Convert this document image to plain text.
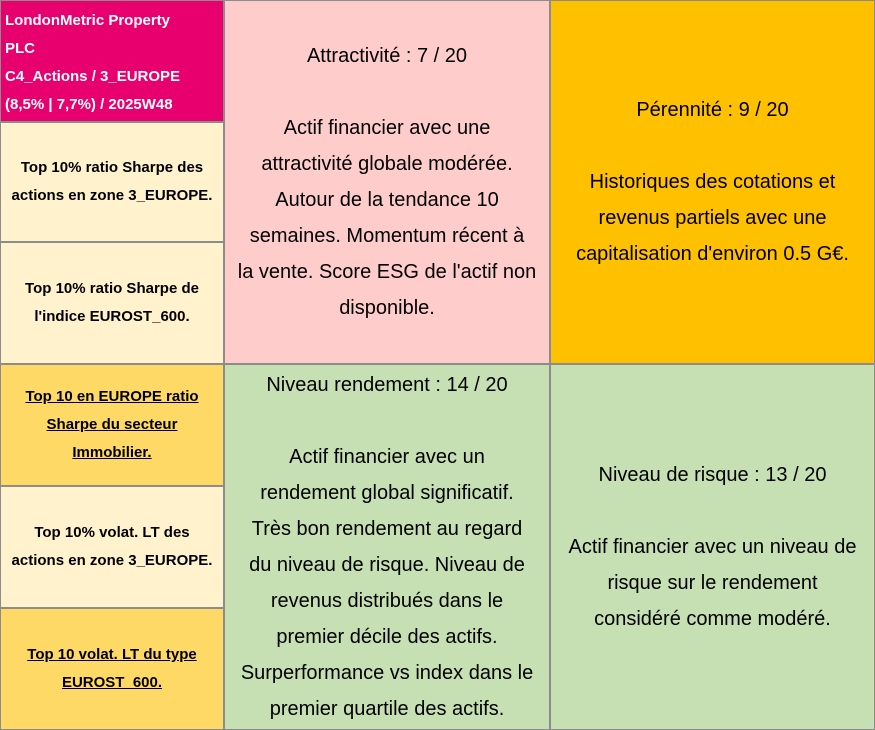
LondonMetric Property
PLC
C4_Actions / 3_EUROPE
(8,5% | 7,7%) / 2025W48
Top 10% ratio Sharpe des
actions en zone 3_EUROPE.
Top 10% ratio Sharpe de
l'indice EUROST_600.
Top 10 en EUROPE ratio
Sharpe du secteur
Immobilier.
Top 10% volat. LT des
actions en zone 3_EUROPE.
Top 10 volat. LT du type
EUROST_600.
Attractivité : 7 / 20
Actif financier avec une
attractivité globale modérée.
Autour de la tendance 10
semaines. Momentum récent à
la vente. Score ESG de l'actif non
disponible.
Pérennité : 9 / 20
Historiques des cotations et
revenus partiels avec une
capitalisation d'environ 0.5 G€.
Niveau rendement : 14 / 20
Actif financier avec un
rendement global significatif.
Très bon rendement au regard
du niveau de risque. Niveau de
revenus distribués dans le
premier décile des actifs.
Surperformance vs index dans le
premier quartile des actifs.
Niveau de risque : 13 / 20
Actif financier avec un niveau de
risque sur le rendement
considéré comme modéré.
